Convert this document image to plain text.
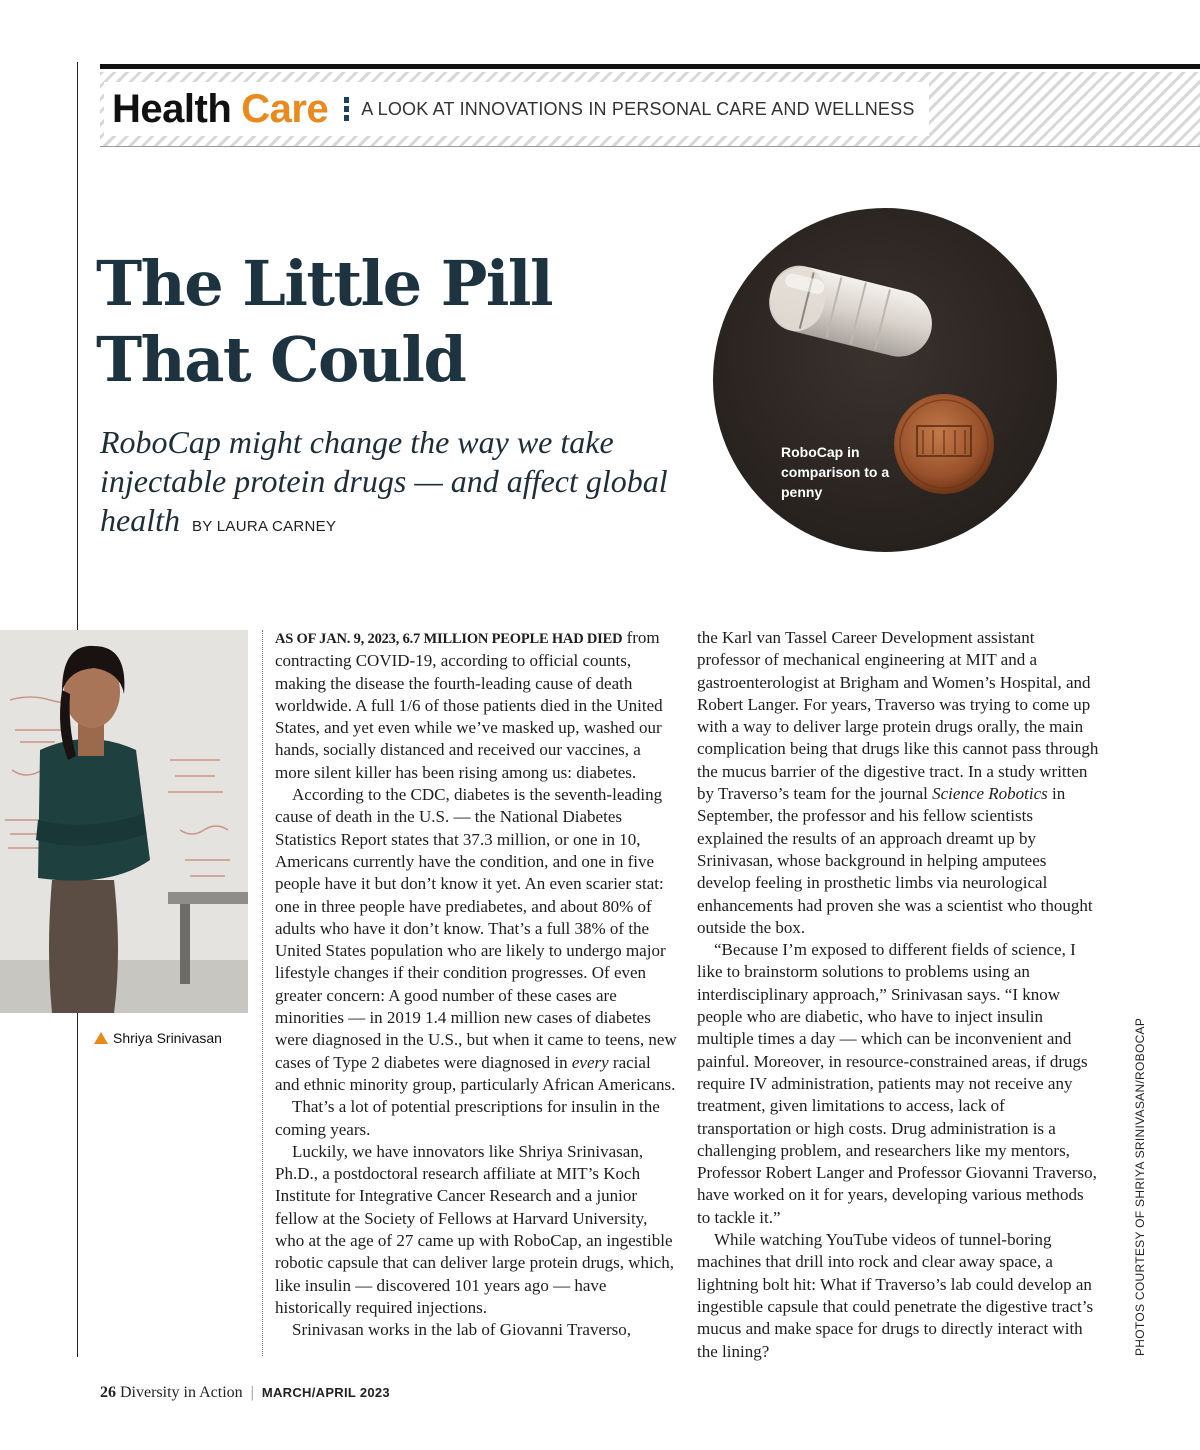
Health Care A LOOK AT INNOVATIONS IN PERSONAL CARE AND WELLNESS
The Little Pill That Could
RoboCap might change the way we take injectable protein drugs — and affect global health BY LAURA CARNEY
RoboCap in comparison to a penny
Shriya Srinivasan

AS OF JAN. 9, 2023, 6.7 MILLION PEOPLE HAD DIED from contracting COVID-19, according to official counts, making the disease the fourth-leading cause of death worldwide. A full 1/6 of those patients died in the United States, and yet even while we’ve masked up, washed our hands, socially distanced and received our vaccines, a more silent killer has been rising among us: diabetes.

According to the CDC, diabetes is the seventh-leading cause of death in the U.S. — the National Diabetes Statistics Report states that 37.3 million, or one in 10, Americans currently have the condition, and one in five people have it but don’t know it yet. An even scarier stat: one in three people have prediabetes, and about 80% of adults who have it don’t know. That’s a full 38% of the United States population who are likely to undergo major lifestyle changes if their condition progresses. Of even greater concern: A good number of these cases are minorities — in 2019 1.4 million new cases of diabetes were diagnosed in the U.S., but when it came to teens, new cases of Type 2 diabetes were diagnosed in every racial and ethnic minority group, particularly African Americans.

That’s a lot of potential prescriptions for insulin in the coming years.

Luckily, we have innovators like Shriya Srinivasan, Ph.D., a postdoctoral research affiliate at MIT’s Koch Institute for Integrative Cancer Research and a junior fellow at the Society of Fellows at Harvard University, who at the age of 27 came up with RoboCap, an ingestible robotic capsule that can deliver large protein drugs, which, like insulin — discovered 101 years ago — have historically required injections.

Srinivasan works in the lab of Giovanni Traverso,

the Karl van Tassel Career Development assistant professor of mechanical engineering at MIT and a gastroenterologist at Brigham and Women’s Hospital, and Robert Langer. For years, Traverso was trying to come up with a way to deliver large protein drugs orally, the main complication being that drugs like this cannot pass through the mucus barrier of the digestive tract. In a study written by Traverso’s team for the journal Science Robotics in September, the professor and his fellow scientists explained the results of an approach dreamt up by Srinivasan, whose background in helping amputees develop feeling in prosthetic limbs via neurological enhancements had proven she was a scientist who thought outside the box.

“Because I’m exposed to different fields of science, I like to brainstorm solutions to problems using an interdisciplinary approach,” Srinivasan says. “I know people who are diabetic, who have to inject insulin multiple times a day — which can be inconvenient and painful. Moreover, in resource-constrained areas, if drugs require IV administration, patients may not receive any treatment, given limitations to access, lack of transportation or high costs. Drug administration is a challenging problem, and researchers like my mentors, Professor Robert Langer and Professor Giovanni Traverso, have worked on it for years, developing various methods to tackle it.”

While watching YouTube videos of tunnel-boring machines that drill into rock and clear away space, a lightning bolt hit: What if Traverso’s lab could develop an ingestible capsule that could penetrate the digestive tract’s mucus and make space for drugs to directly interact with the lining?	PHOTOS COURTESY OF SHRIYA SRINIVASAN/ROBOCAP
26 Diversity in Action | MARCH/APRIL 2023
